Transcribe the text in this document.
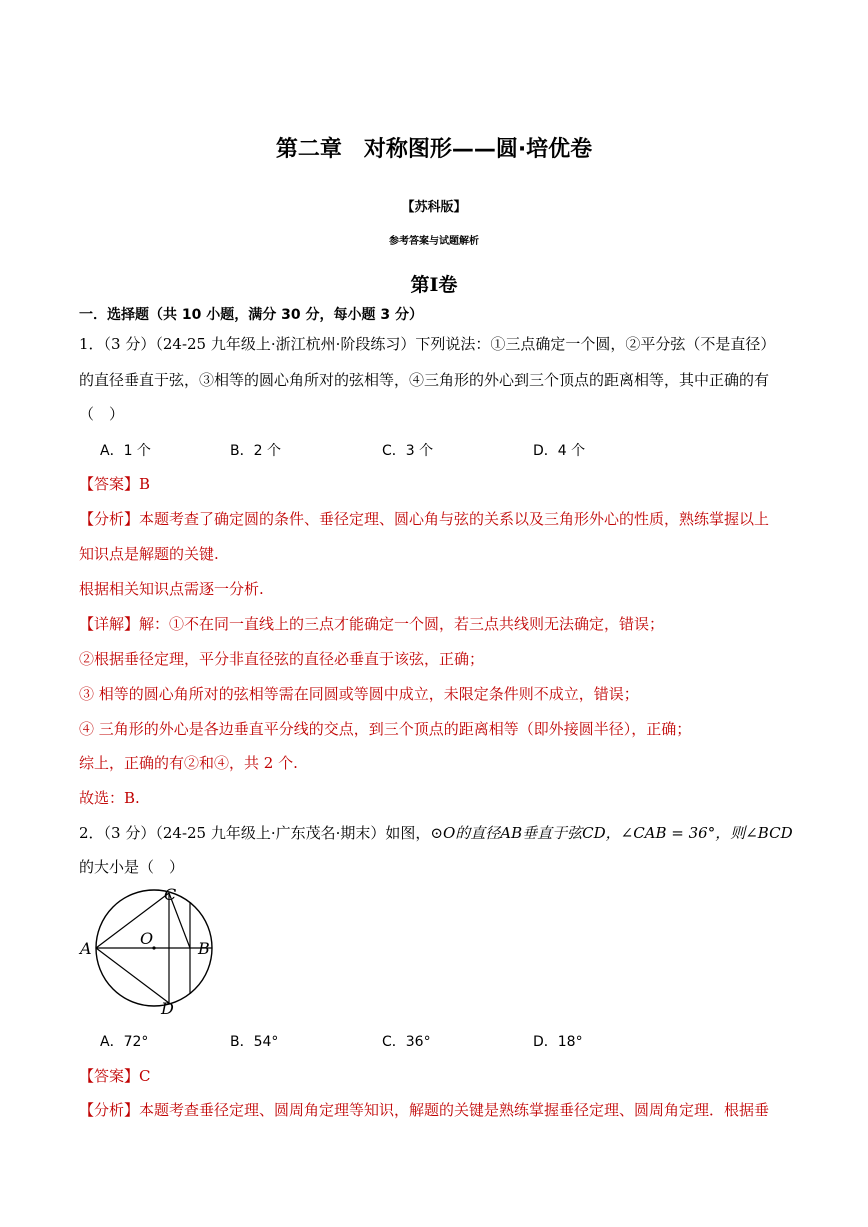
第二章　对称图形——圆·培优卷
【苏科版】
参考答案与试题解析
第Ⅰ卷
一．选择题（共 10 小题，满分 30 分，每小题 3 分）
1．（3 分）（24-25 九年级上·浙江杭州·阶段练习）下列说法：①三点确定一个圆，②平分弦（不是直径）
的直径垂直于弦，③相等的圆心角所对的弦相等，④三角形的外心到三个顶点的距离相等，其中正确的有
（　）
A．1 个	B．2 个	C．3 个	D．4 个
【答案】B
【分析】本题考查了确定圆的条件、垂径定理、圆心角与弦的关系以及三角形外心的性质，熟练掌握以上
知识点是解题的关键.
根据相关知识点需逐一分析.
【详解】解：①不在同一直线上的三点才能确定一个圆，若三点共线则无法确定，错误；
②根据垂径定理，平分非直径弦的直径必垂直于该弦，正确；
③ 相等的圆心角所对的弦相等需在同圆或等圆中成立，未限定条件则不成立，错误；
④ 三角形的外心是各边垂直平分线的交点，到三个顶点的距离相等（即外接圆半径），正确；
综上，正确的有②和④，共 2 个.
故选：B.
2．（3 分）（24-25 九年级上·广东茂名·期末）如图，⊙O的直径AB垂直于弦CD，∠CAB = 36°，则∠BCD
的大小是（　）
A	B
C
D
O
A．72°	B．54°	C．36°	D．18°
【答案】C
【分析】本题考查垂径定理、圆周角定理等知识，解题的关键是熟练掌握垂径定理、圆周角定理．根据垂
